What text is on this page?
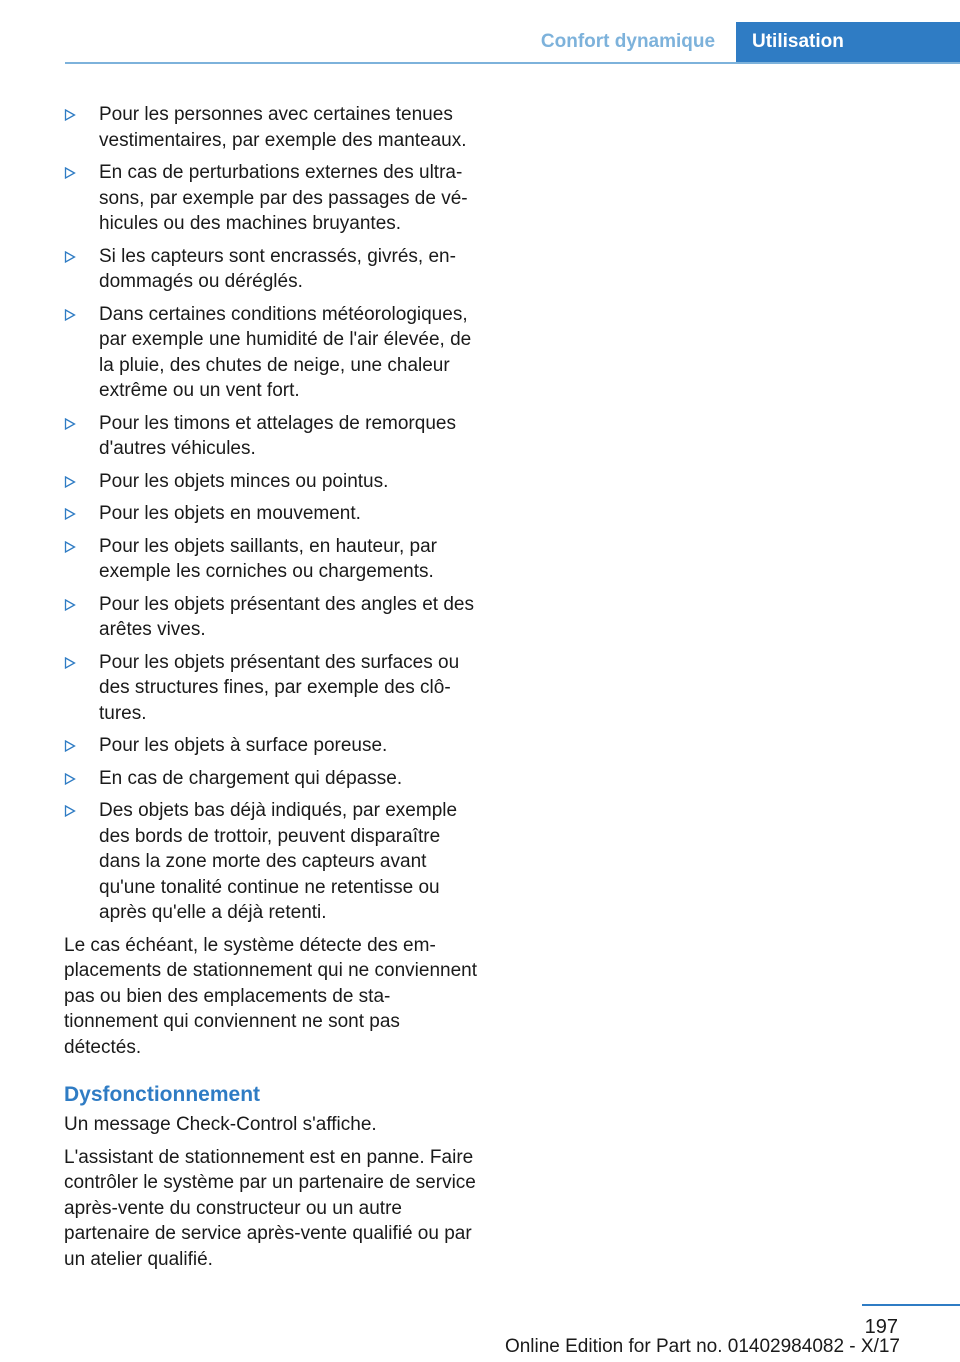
Confort dynamique	Utilisation
Pour les personnes avec certaines tenues vestimentaires, par exemple des manteaux.
En cas de perturbations externes des ultrasons, par exemple par des passages de véhicules ou des machines bruyantes.
Si les capteurs sont encrassés, givrés, endommagés ou déréglés.
Dans certaines conditions météorologiques, par exemple une humidité de l'air élevée, de la pluie, des chutes de neige, une chaleur extrême ou un vent fort.
Pour les timons et attelages de remorques d'autres véhicules.
Pour les objets minces ou pointus.
Pour les objets en mouvement.
Pour les objets saillants, en hauteur, par exemple les corniches ou chargements.
Pour les objets présentant des angles et des arêtes vives.
Pour les objets présentant des surfaces ou des structures fines, par exemple des clôtures.
Pour les objets à surface poreuse.
En cas de chargement qui dépasse.
Des objets bas déjà indiqués, par exemple des bords de trottoir, peuvent disparaître dans la zone morte des capteurs avant qu'une tonalité continue ne retentisse ou après qu'elle a déjà retenti.

Le cas échéant, le système détecte des emplacements de stationnement qui ne conviennent pas ou bien des emplacements de stationnement qui conviennent ne sont pas détectés.

Dysfonctionnement

Un message Check-Control s'affiche.

L'assistant de stationnement est en panne. Faire contrôler le système par un partenaire de service après-vente du constructeur ou un autre partenaire de service après-vente qualifié ou par un atelier qualifié.

197
Online Edition for Part no. 01402984082 - X/17
